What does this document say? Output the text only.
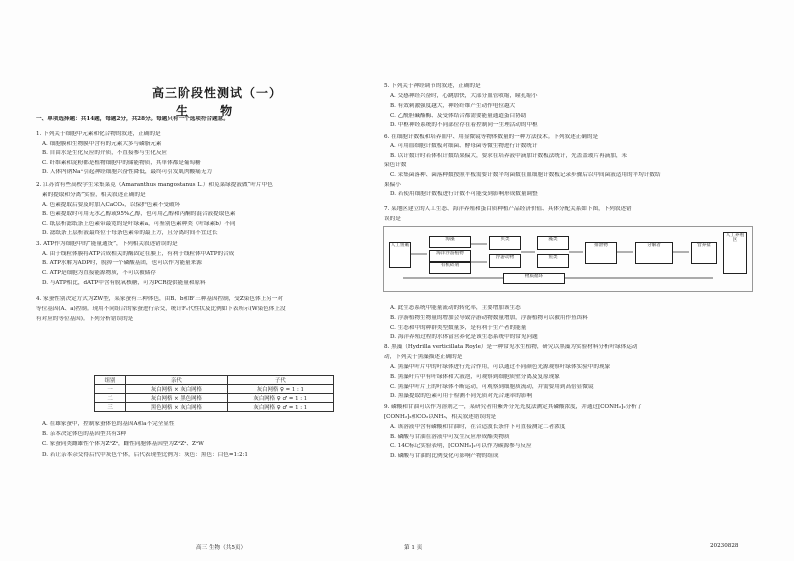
高三阶段性测试（一）
生 物
一、单项选择题：共14题，每题2分，共28分。每题只有一个选项符合题意。
1. 下列关于细胞中元素和化合物的叙述，正确的是
A. 细胞膜和生物膜中含有的元素大多与磷脂元素
B. 自由水是生化反应的介质，不直接参与生化反应
C. 纤维素和淀粉都是植物细胞中的储能物质，其单体都是葡萄糖
D. 人体内钠Na⁺引起神经细胞兴奋性降低，最终可引发肌肉酸痛无力
2. 江苏省有些高校学生采集菜苋（Amaranthus mangostanus L.）和苋菜绿提液做“叶片中色
素的提取和分离”实验，相关叙述正确的是
A. 色素提取后要及时加入CaCO₃，以保护色素不受破坏
B. 色素提取时可用无水乙醇或95%乙醇，也可用乙醇和丙酮的混合液提取色素
C. 纸层析滤纸条上色素带最宽的是叶绿素a，可鉴别色素种类（叶绿素b）不同
D. 滤纸条上层析液最终位于每条色素带的最上方，且分离时间不宜过长
3. ATP作为细胞中的“能量通货”，下列相关叙述错误的是
A. 由于线粒体膜将ATP合成相关的酶固定在膜上，有利于线粒体中ATP的合成
B. ATP水解为ADP时，脱掉一个磷酸基团，也可以作为能量来源
C. ATP是细胞为直接能源物质，不可以被储存
D. 与ATP相比，dATP中含有脱氧核糖，可为PCR提供能量和原料
4. 家蚕性别决定方式为ZW型，某家蚕有三种体色，由B、b和Bʳ三种基因控制，受Z染色体上另一对
等位基因(A、a)控制。现用不同组合的家蚕进行杂交，统计F₁代性状及比例如下表所示(W染色体上没
有对应的等位基因)。下列分析错误的是
A. 在雄家蚕中，控制家蚕体色的基因A和a不完全显性
B. 亲本决定体色的基因型共有3种
C. 家蚕同类雌雄性个体为ZᴬZᵃ，雌性同胞体基因型为ZᴬZᵃ、ZᵃW
D. 若让亲本杂交得后代中灰色个体，后代表现型比例为：灰色：黑色：白色=1:2:1
组别	亲代	子代
一	灰白网格 × 灰白网格	灰白网格 ♀ = 1 : 1
二	灰白网格 × 黑色网格	灰白网格 ♀ ♂ = 1 : 1
三	黑色网格 × 灰白网格	灰白网格 ♀ ♂ = 1 : 1
5. 下列关于神经调节的叙述，正确的是
A. 交感神经兴奋时，心跳加快，大部分血管收缩，瞳孔缩小
B. 有效刺激强度越大，神经纤维产生动作电位越大
C. 乙酰胆碱酯酶、及受体结合都需要能量通道蛋白协助
D. 中枢神经系统的不同部位存在着控制同一生理活动的中枢
6. 在细胞计数板和培养皿中、用显微镜等物体数量的一种方法技术。下列叙述正确的是
A. 可用血细胞计数板对细菌、酵母菌等微生物进行计数统计
B. 以计数计时若体积计数结果偏大，要求在培养液中滴加计数板法统计，先盖盖玻片再滴加，未
染色计数
C. 采集菌落种、菌落种数按照平板需要计数平均菌数在血细胞计数板记录步骤后以中间菌液适用的平均计数结
果偏小
D. 若使用细胞计数板进行计数不可能受到影响形成数量调整
7. 某地区建立的人工生态、海洋养殖和蛋白质种植产品经济价值、具体分配关系如下图，下列叙述错
误的是
A. 此生态系统中能量流动的转化率，主要增加该生态
B. 浮游植物生物量的增加会导致浮游动物数量增加，浮游植物可以被用作鱼饵料
C. 生态和中的种群类型数量多，是有利于生产者的能量
D. 海洋养殖过程的水体富营养化是该生态系统中的常见问题
8. 黑藻（Hydrilla verticillata Royle）是一种常见水生植物，研究以黑藻为实验材料分析叶绿体运动
动，下列关于黑藻描述正确的是
A. 黑藻中叶片中的叶绿体进行光合作用，可以通过不同颜色光源观察叶绿体实验中的现象
B. 黑藻叶片中有叶绿体和大液泡，可观察到细胞质壁分离及复原现象
C. 黑藻中叶片上的叶绿体不断运动，可观察到细胞质流动，并需要用到高倍显微镜
D. 黑藻提取的色素可用于检测不同光质对光合速率的影响
9. 磷酸和甘油可以作为溶剂之一，某研究者用紫外分光光度法测定其磷酸浓度，并通过[CONH₂]₂分析了
[CONH₂]₂和CO₂以NH₃，相关叙述错误的是
A. 该溶液中含有磷酸和甘油时，在合适波长条件下可直接测定二者浓度
B. 磷酸与甘油在溶液中可发生反应形成酯类物质
C. 14C标记实验表明，[CONH₂]₂可以作为碳源参与反应
D. 磷酸与甘油的比例变化可影响产物的组成
人工鱼礁
海藻
海洋浮游植物
有机碎屑
贝类
浮游动物
藻类
鱼类
排泄物	分解者	营养盐
人工养殖区
物质循环
高三 生物（共5页）	第 1 页	20230828
